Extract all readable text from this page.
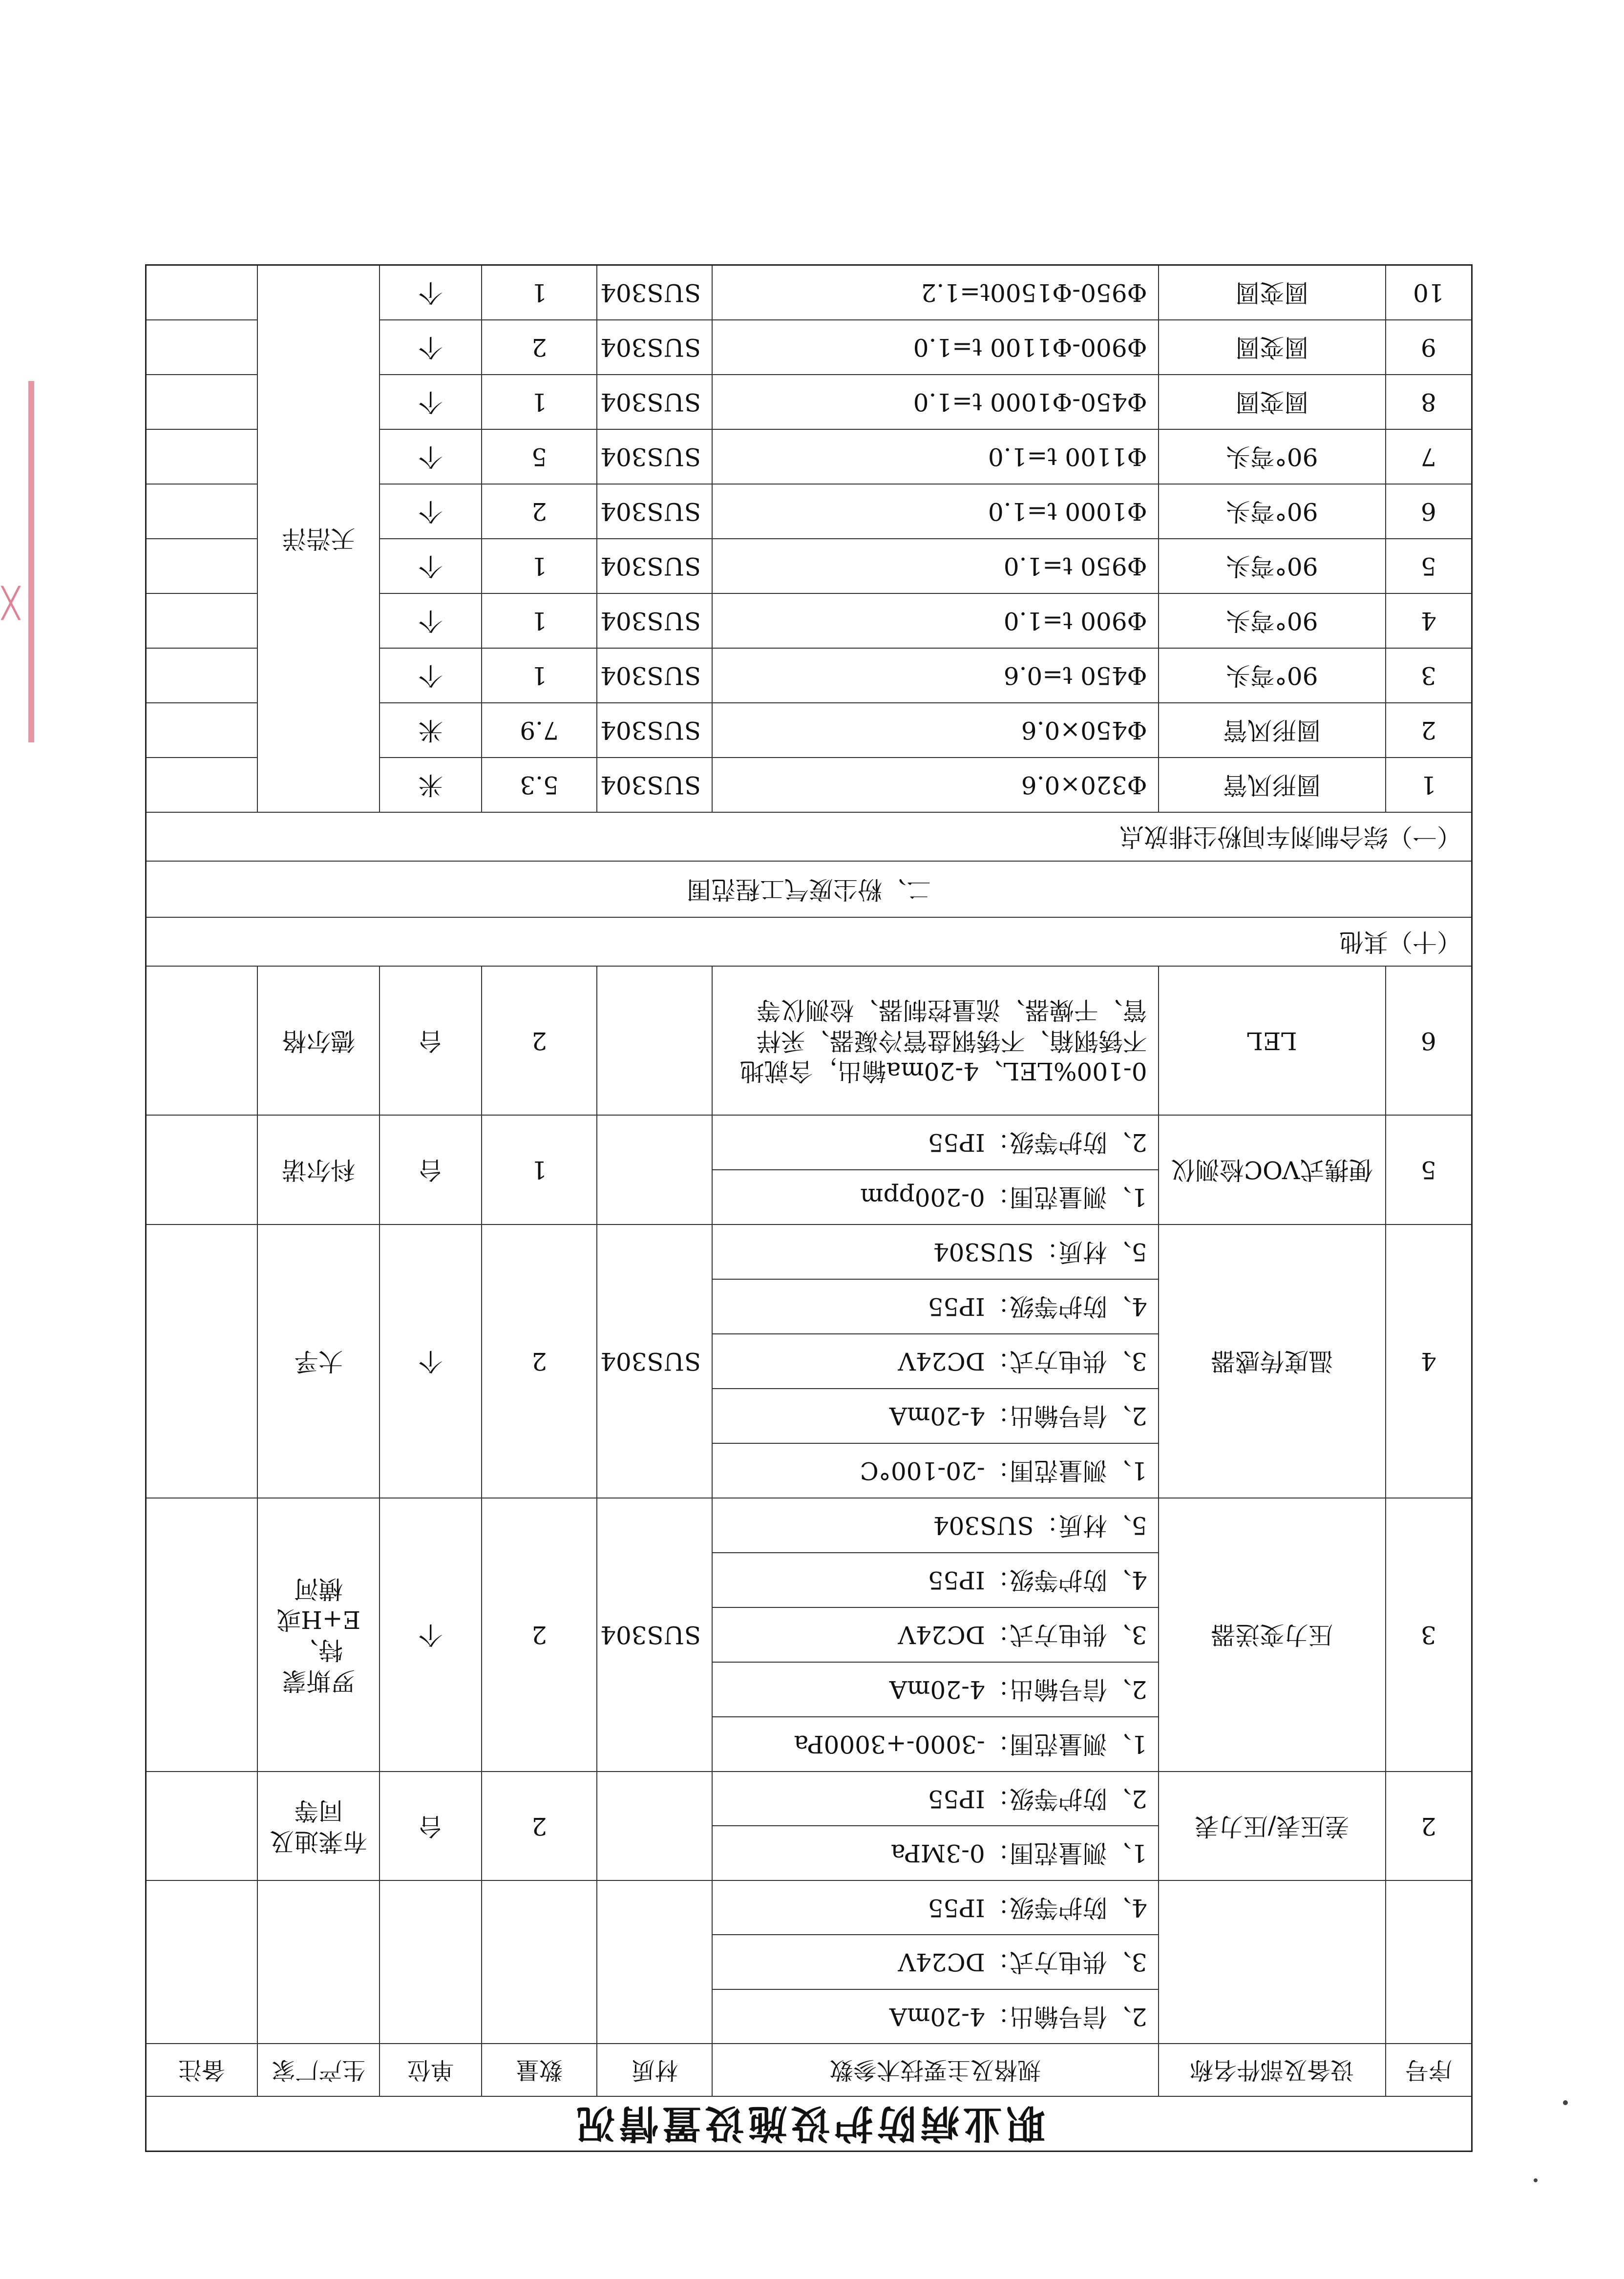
╳
职业病防护设施设置情况							
序号	设备及部件名称	规格及主要技术参数	材质	数量	单位	生产厂家	备注
		2、信号输出：4-20mA					
		3、供电方式：DC24V					
		4、防护等级：IP55					
2	差压表/压力表	1、测量范围：0-3MPa		2	台	布莱迪及同等	
		2、防护等级：IP55					
3	压力变送器	1、测量范围：-3000-+3000Pa	SUS304	2	个	罗斯蒙特、E+H或横河	
		2、信号输出：4-20mA					
		3、供电方式：DC24V					
		4、防护等级：IP55					
		5、材质：SUS304					
4	温度传感器	1、测量范围：-20-100°C	SUS304	2	个	大孚	
		2、信号输出：4-20mA					
		3、供电方式：DC24V					
		4、防护等级：IP55					
		5、材质：SUS304					
5	便携式VOC检测仪	1、测量范围：0-200ppm		1	台	科尔诺	
		2、防护等级：IP55					
6	LEL	0-100%LEL、4-20ma输出，含就地不锈钢箱、不锈钢盘管冷凝器、采样管、干燥器、流量控制器、检测仪等		2	台	德尔格	
（十）其他							
二、粉尘废气工程范围							
（一）综合制剂车间粉尘排放点							
1	圆形风管	Φ320×0.6	SUS304	5.3	米	天浩洋	
2	圆形风管	Φ450×0.6	SUS304	7.9	米		
3	90°弯头	Φ450 t=0.6	SUS304	1	个		
4	90°弯头	Φ900 t=1.0	SUS304	1	个		
5	90°弯头	Φ950 t=1.0	SUS304	1	个		
6	90°弯头	Φ1000 t=1.0	SUS304	2	个		
7	90°弯头	Φ1100 t=1.0	SUS304	5	个		
8	圆变圆	Φ450-Φ1000 t=1.0	SUS304	1	个		
9	圆变圆	Φ900-Φ1100 t=1.0	SUS304	2	个		
10	圆变圆	Φ950-Φ1500t=1.2	SUS304	1	个		
